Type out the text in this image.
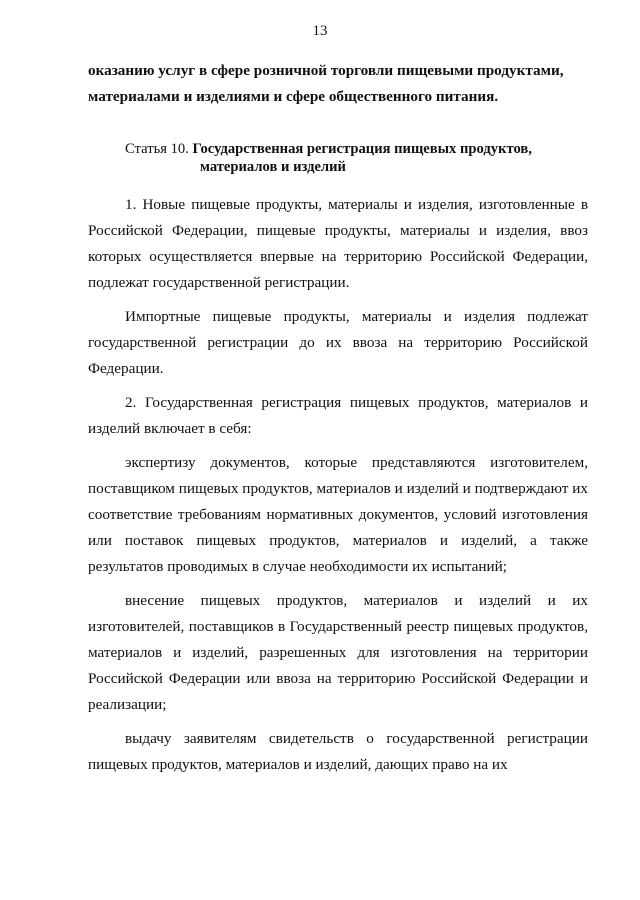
13

оказанию услуг в сфере розничной торговли пищевыми продуктами,

материалами и изделиями и сфере общественного питания.

Статья 10. Государственная регистрация пищевых продуктов,
материалов и изделий

1. Новые пищевые продукты, материалы и изделия, изготовленные в Российской Федерации, пищевые продукты, материалы и изделия, ввоз которых осуществляется впервые на территорию Российской Федерации, подлежат государственной регистрации.

Импортные пищевые продукты, материалы и изделия подлежат государственной регистрации до их ввоза на территорию Российской Федерации.

2. Государственная регистрация пищевых продуктов, материалов и изделий включает в себя:

экспертизу документов, которые представляются изготовителем, поставщиком пищевых продуктов, материалов и изделий и подтверждают их соответствие требованиям нормативных документов, условий изготовления или поставок пищевых продуктов, материалов и изделий, а также результатов проводимых в случае необходимости их испытаний;

внесение пищевых продуктов, материалов и изделий и их изготовителей, поставщиков в Государственный реестр пищевых продуктов, материалов и изделий, разрешенных для изготовления на территории Российской Федерации или ввоза на территорию Российской Федерации и реализации;

выдачу заявителям свидетельств о государственной регистрации пищевых продуктов, материалов и изделий, дающих право на их
